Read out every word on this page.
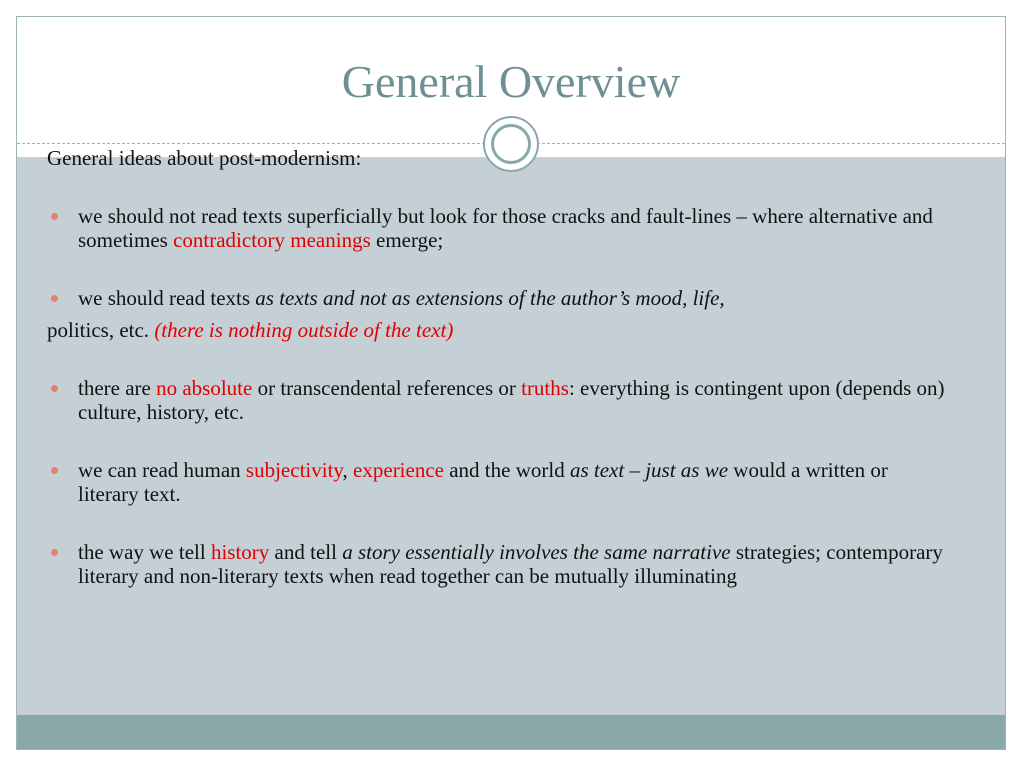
General Overview

General ideas about post-modernism:

we should not read texts superficially but look for those cracks and fault-lines – where alternative and sometimes contradictory meanings emerge;

we should read texts as texts and not as extensions of the author’s mood, life,

politics, etc. (there is nothing outside of the text)

there are no absolute or transcendental references or truths: everything is contingent upon (depends on) culture, history, etc.

we can read human subjectivity, experience and the world as text – just as we would a written or literary text.

the way we tell history and tell a story essentially involves the same narrative strategies; contemporary literary and non-literary texts when read together can be mutually illuminating
